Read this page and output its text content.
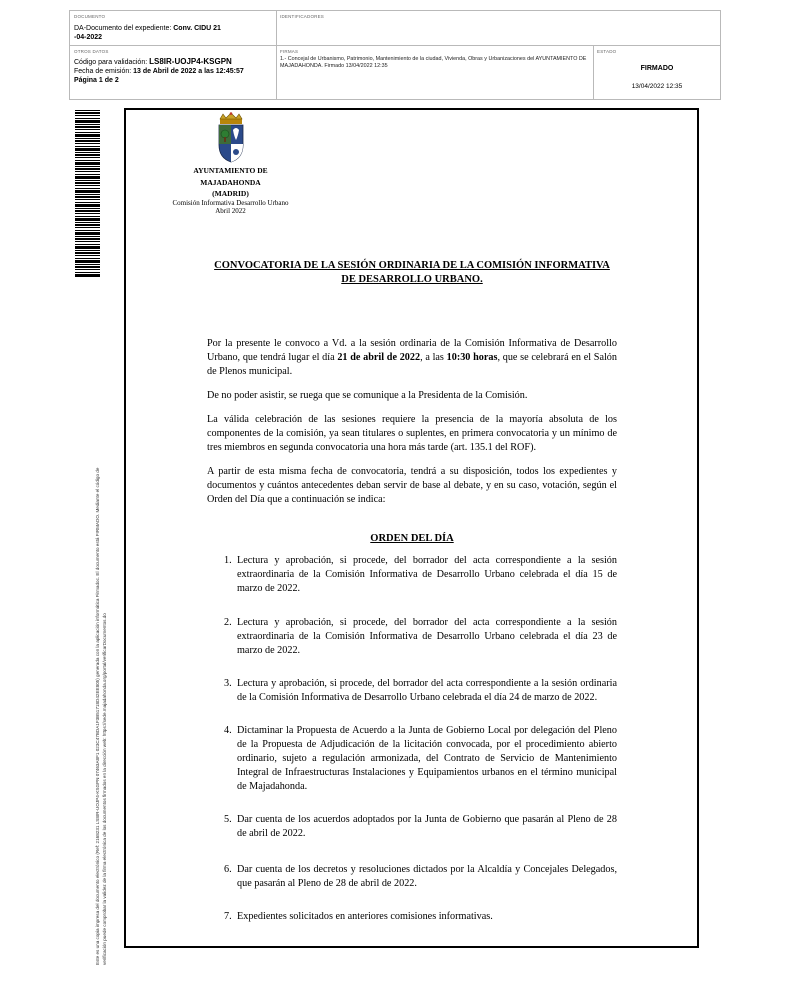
DOCUMENTO
DA-Documento del expediente: Conv. CIDU 21
-04-2022
IDENTIFICADORES
OTROS DATOS
Código para validación: LS8IR-UOJP4-KSGPN
Fecha de emisión: 13 de Abril de 2022 a las 12:45:57
Página 1 de 2
FIRMAS
1.- Concejal de Urbanismo, Patrimonio, Mantenimiento de la ciudad, Vivienda, Obras y Urbanizaciones del AYUNTAMIENTO DE MAJADAHONDA. Firmado 13/04/2022 12:35
ESTADO
FIRMADO
13/04/2022 12:35
Este es una copia impresa del documento electrónico (Ref: 2168231 LS8IR-UOJP4-KSGPN 07463A8F1 023C47BDA1F3B51718D42EE805) generada con la aplicación informática Firmadoc. El documento está FIRMADO. Mediante el código de verificación puede comprobar la validez de la firma electrónica de los documentos firmados en la dirección web: https://sede.majadahonda.org/portal/verificarDocumentos.do
AYUNTAMIENTO DE
MAJADAHONDA
(MADRID)
Comisión Informativa Desarrollo Urbano
Abril 2022
CONVOCATORIA DE LA SESIÓN ORDINARIA DE LA COMISIÓN INFORMATIVA
DE DESARROLLO URBANO.

Por la presente le convoco a Vd. a la sesión ordinaria de la Comisión Informativa de Desarrollo Urbano, que tendrá lugar el día 21 de abril de 2022, a las 10:30 horas, que se celebrará en el Salón de Plenos municipal.

De no poder asistir, se ruega que se comunique a la Presidenta de la Comisión.

La válida celebración de las sesiones requiere la presencia de la mayoría absoluta de los componentes de la comisión, ya sean titulares o suplentes, en primera convocatoria y un mínimo de tres miembros en segunda convocatoria una hora más tarde (art. 135.1 del ROF).

A partir de esta misma fecha de convocatoria, tendrá a su disposición, todos los expedientes y documentos y cuántos antecedentes deban servir de base al debate, y en su caso, votación, según el Orden del Día que a continuación se indica:

ORDEN DEL DÍA
1. Lectura y aprobación, si procede, del borrador del acta correspondiente a la sesión extraordinaria de la Comisión Informativa de Desarrollo Urbano celebrada el día 15 de marzo de 2022.
2. Lectura y aprobación, si procede, del borrador del acta correspondiente a la sesión extraordinaria de la Comisión Informativa de Desarrollo Urbano celebrada el día 23 de marzo de 2022.
3. Lectura y aprobación, si procede, del borrador del acta correspondiente a la sesión ordinaria de la Comisión Informativa de Desarrollo Urbano celebrada el día 24 de marzo de 2022.
4. Dictaminar la Propuesta de Acuerdo a la Junta de Gobierno Local por delegación del Pleno de la Propuesta de Adjudicación de la licitación convocada, por el procedimiento abierto ordinario, sujeto a regulación armonizada, del Contrato de Servicio de Mantenimiento Integral de Infraestructuras Instalaciones y Equipamientos urbanos en el término municipal de Majadahonda.
5. Dar cuenta de los acuerdos adoptados por la Junta de Gobierno que pasarán al Pleno de 28 de abril de 2022.
6. Dar cuenta de los decretos y resoluciones dictados por la Alcaldía y Concejales Delegados, que pasarán al Pleno de 28 de abril de 2022.
7. Expedientes solicitados en anteriores comisiones informativas.
